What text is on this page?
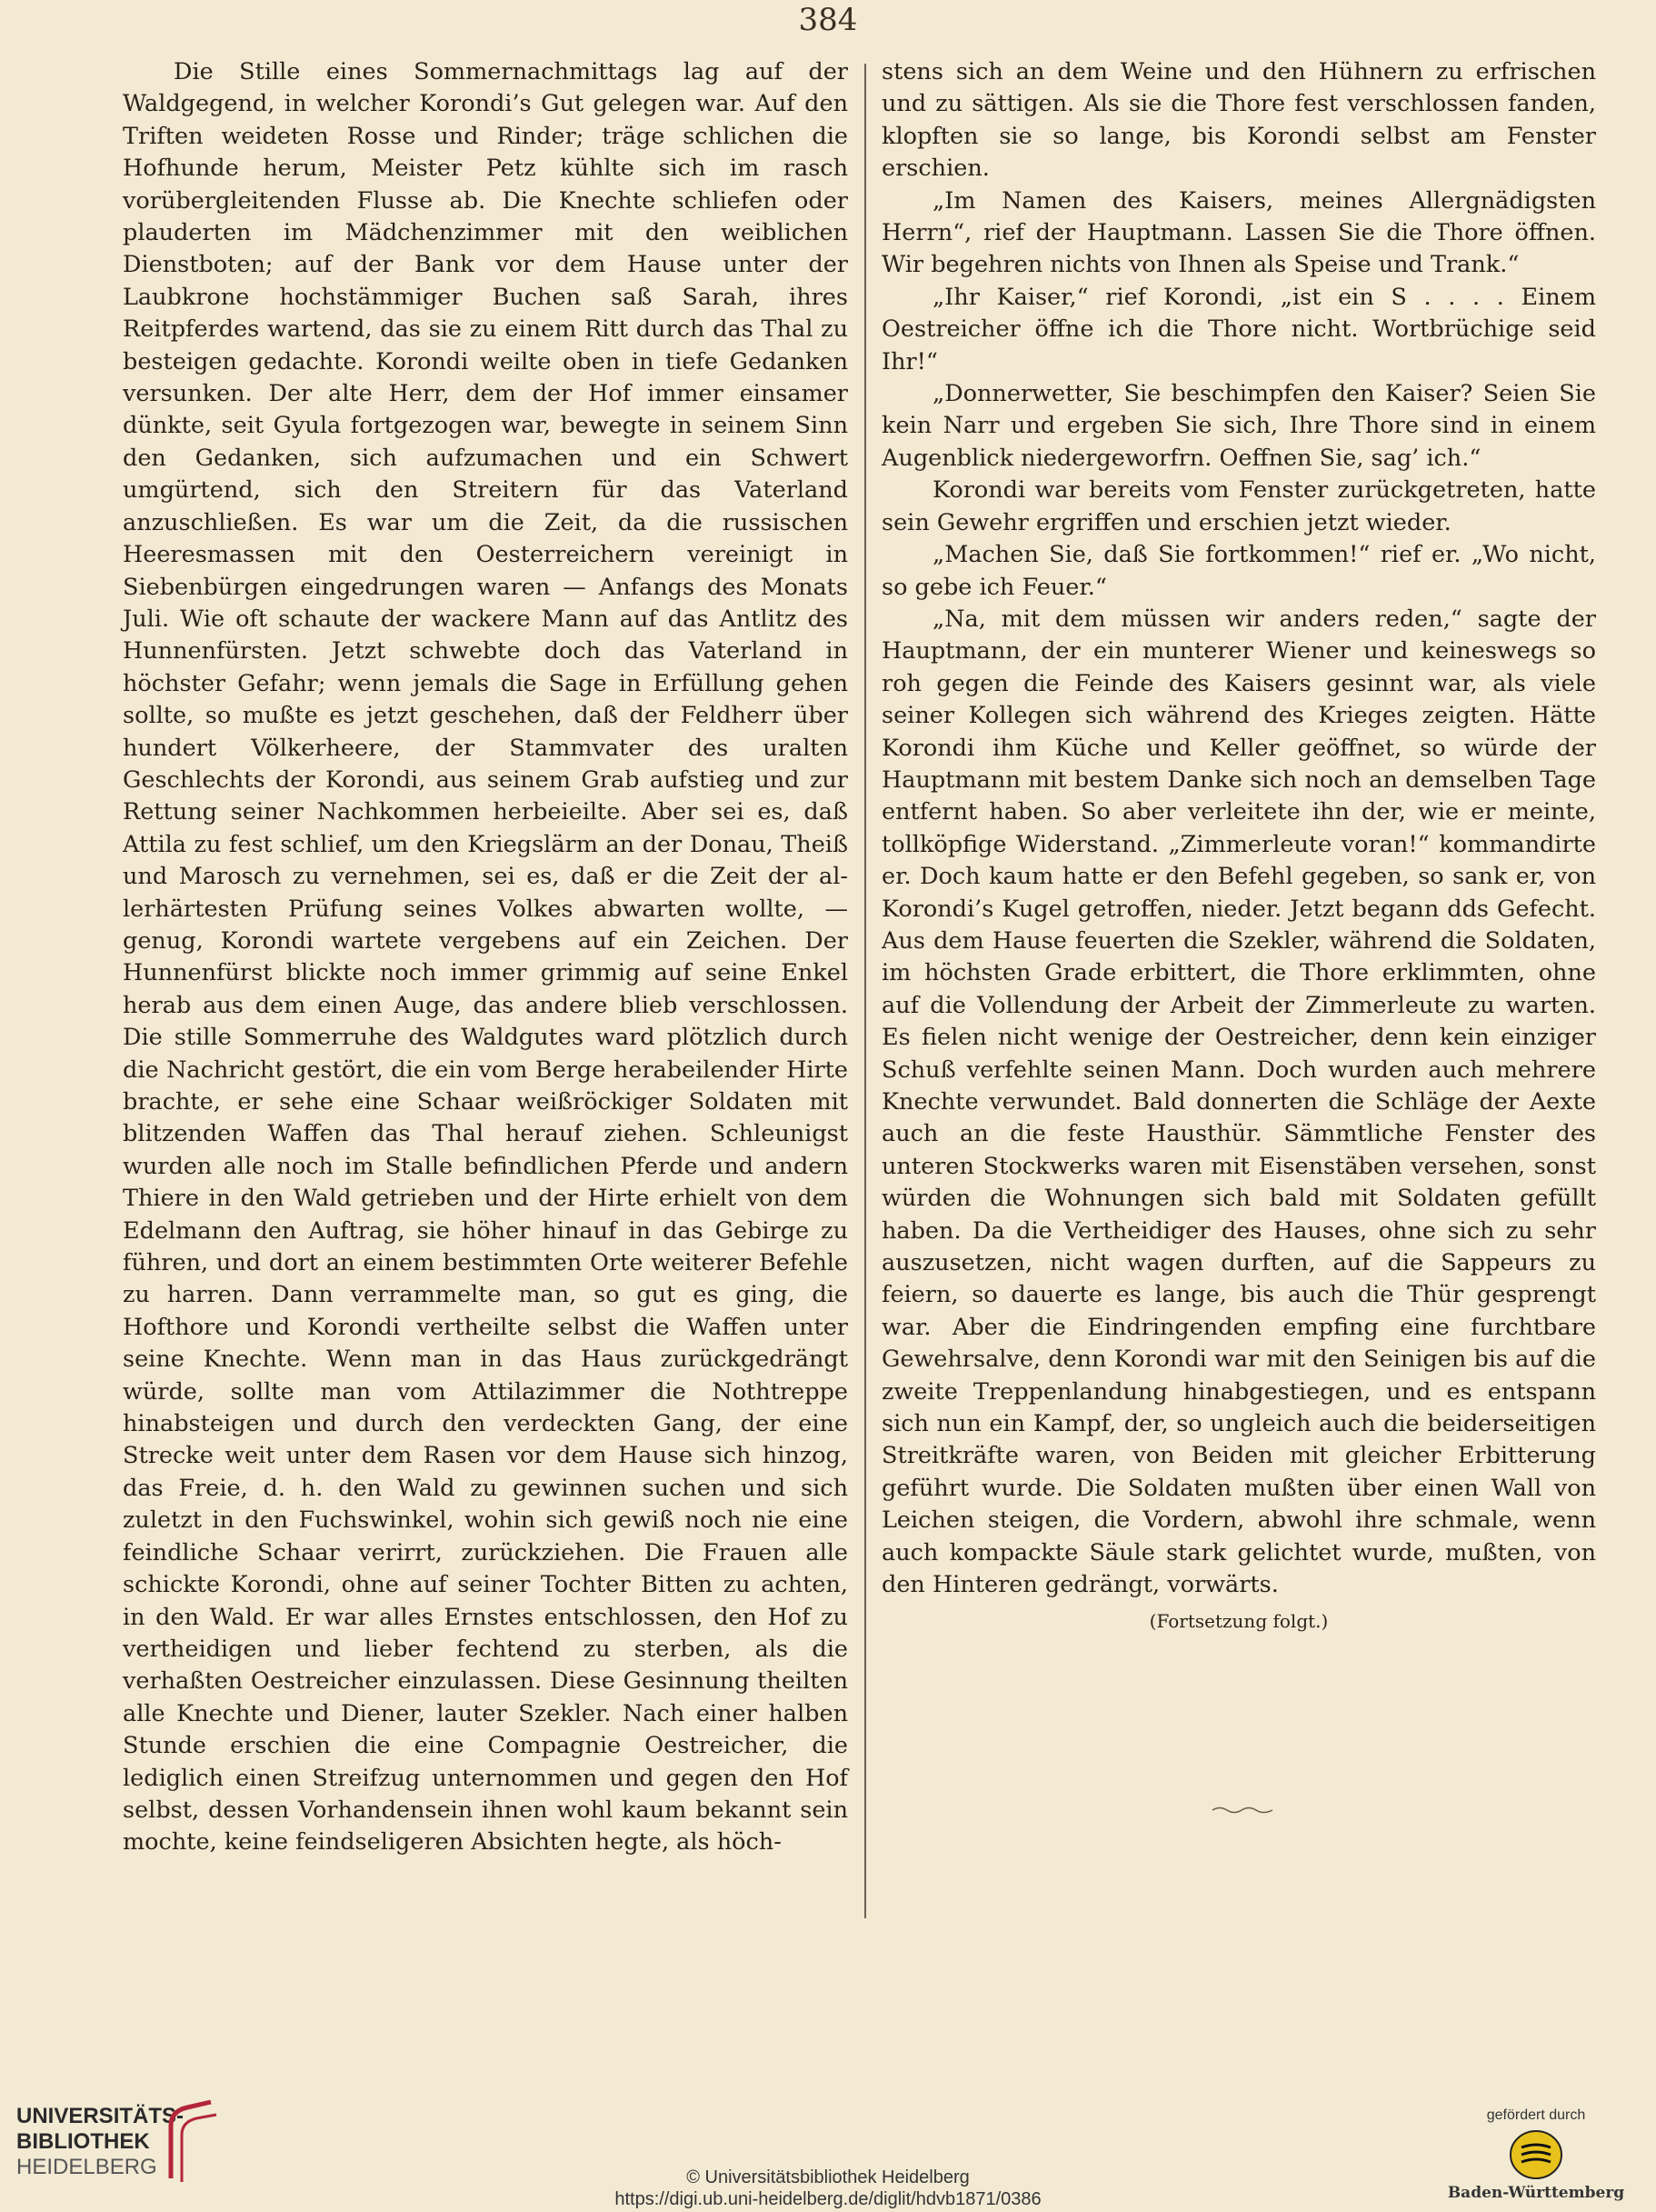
384

Die Stille eines Sommernachmittags lag auf der Waldgegend, in welcher Korondi’s Gut gelegen war. Auf den Triften weideten Rosse und Rinder; träge schlichen die Hofhunde herum, Meister Petz kühlte sich im rasch vorübergleitenden Flusse ab. Die Knechte schliefen oder plauderten im Mädchenzimmer mit den weiblichen Dienstboten; auf der Bank vor dem Hause unter der Laubkrone hochstämmiger Buchen saß Sarah, ihres Reitpferdes wartend, das sie zu einem Ritt durch das Thal zu besteigen gedachte. Korondi weilte oben in tiefe Gedanken versunken. Der alte Herr, dem der Hof immer einsamer dünkte, seit Gyula fortgezogen war, bewegte in seinem Sinn den Gedanken, sich aufzumachen und ein Schwert umgürtend, sich den Streitern für das Vaterland anzuschließen. Es war um die Zeit, da die russischen Heeresmassen mit den Oesterreichern vereinigt in Siebenbürgen eingedrungen waren — Anfangs des Monats Juli. Wie oft schaute der wackere Mann auf das Antlitz des Hunnenfürsten. Jetzt schwebte doch das Vaterland in höchster Gefahr; wenn jemals die Sage in Erfüllung gehen sollte, so mußte es jetzt geschehen, daß der Feldherr über hundert Völkerheere, der Stammvater des uralten Geschlechts der Korondi, aus seinem Grab aufstieg und zur Rettung seiner Nachkommen herbeieilte. Aber sei es, daß Attila zu fest schlief, um den Kriegslärm an der Donau, Theiß und Marosch zu vernehmen, sei es, daß er die Zeit der allerhärtesten Prüfung seines Volkes abwarten wollte, — genug, Korondi wartete vergebens auf ein Zeichen. Der Hunnenfürst blickte noch immer grimmig auf seine Enkel herab aus dem einen Auge, das andere blieb verschlossen. Die stille Sommerruhe des Waldgutes ward plötzlich durch die Nachricht gestört, die ein vom Berge herabeilender Hirte brachte, er sehe eine Schaar weißröckiger Soldaten mit blitzenden Waffen das Thal herauf ziehen. Schleunigst wurden alle noch im Stalle befindlichen Pferde und andern Thiere in den Wald getrieben und der Hirte erhielt von dem Edelmann den Auftrag, sie höher hinauf in das Gebirge zu führen, und dort an einem bestimmten Orte weiterer Befehle zu harren. Dann verrammelte man, so gut es ging, die Hofthore und Korondi vertheilte selbst die Waffen unter seine Knechte. Wenn man in das Haus zurückgedrängt würde, sollte man vom Attilazimmer die Nothtreppe hinabsteigen und durch den verdeckten Gang, der eine Strecke weit unter dem Rasen vor dem Hause sich hinzog, das Freie, d. h. den Wald zu gewinnen suchen und sich zuletzt in den Fuchswinkel, wohin sich gewiß noch nie eine feindliche Schaar verirrt, zurückziehen. Die Frauen alle schickte Korondi, ohne auf seiner Tochter Bitten zu achten, in den Wald. Er war alles Ernstes entschlossen, den Hof zu vertheidigen und lieber fechtend zu sterben, als die verhaßten Oestreicher einzulassen. Diese Gesinnung theilten alle Knechte und Diener, lauter Szekler. Nach einer halben Stunde erschien die eine Compagnie Oestreicher, die lediglich einen Streifzug unternommen und gegen den Hof selbst, dessen Vorhandensein ihnen wohl kaum bekannt sein mochte, keine feindseligeren Absichten hegte, als höch-

stens sich an dem Weine und den Hühnern zu erfrischen und zu sättigen. Als sie die Thore fest verschlossen fanden, klopften sie so lange, bis Korondi selbst am Fenster erschien.

„Im Namen des Kaisers, meines Allergnädigsten Herrn“, rief der Hauptmann. Lassen Sie die Thore öffnen. Wir begehren nichts von Ihnen als Speise und Trank.“

„Ihr Kaiser,“ rief Korondi, „ist ein S . . . . Einem Oestreicher öffne ich die Thore nicht. Wortbrüchige seid Ihr!“

„Donnerwetter, Sie beschimpfen den Kaiser? Seien Sie kein Narr und ergeben Sie sich, Ihre Thore sind in einem Augenblick niedergeworfrn. Oeffnen Sie, sag’ ich.“

Korondi war bereits vom Fenster zurückgetreten, hatte sein Gewehr ergriffen und erschien jetzt wieder.

„Machen Sie, daß Sie fortkommen!“ rief er. „Wo nicht, so gebe ich Feuer.“

„Na, mit dem müssen wir anders reden,“ sagte der Hauptmann, der ein munterer Wiener und keineswegs so roh gegen die Feinde des Kaisers gesinnt war, als viele seiner Kollegen sich während des Krieges zeigten. Hätte Korondi ihm Küche und Keller geöffnet, so würde der Hauptmann mit bestem Danke sich noch an demselben Tage entfernt haben. So aber verleitete ihn der, wie er meinte, tollköpfige Widerstand. „Zimmerleute voran!“ kommandirte er. Doch kaum hatte er den Befehl gegeben, so sank er, von Korondi’s Kugel getroffen, nieder. Jetzt begann dds Gefecht. Aus dem Hause feuerten die Szekler, während die Soldaten, im höchsten Grade erbittert, die Thore erklimmten, ohne auf die Vollendung der Arbeit der Zimmerleute zu warten. Es fielen nicht wenige der Oestreicher, denn kein einziger Schuß verfehlte seinen Mann. Doch wurden auch mehrere Knechte verwundet. Bald donnerten die Schläge der Aexte auch an die feste Hausthür. Sämmtliche Fenster des unteren Stockwerks waren mit Eisenstäben versehen, sonst würden die Wohnungen sich bald mit Soldaten gefüllt haben. Da die Vertheidiger des Hauses, ohne sich zu sehr auszusetzen, nicht wagen durften, auf die Sappeurs zu feiern, so dauerte es lange, bis auch die Thür gesprengt war. Aber die Eindringenden empfing eine furchtbare Gewehrsalve, denn Korondi war mit den Seinigen bis auf die zweite Treppenlandung hinabgestiegen, und es entspann sich nun ein Kampf, der, so ungleich auch die beiderseitigen Streitkräfte waren, von Beiden mit gleicher Erbitterung geführt wurde. Die Soldaten mußten über einen Wall von Leichen steigen, die Vordern, abwohl ihre schmale, wenn auch kompackte Säule stark gelichtet wurde, mußten, von den Hinteren gedrängt, vorwärts.

(Fortsetzung folgt.)
UNIVERSITÄTS-
BIBLIOTHEK
HEIDELBERG	© Universitätsbibliothek Heidelberg
https://digi.ub.uni-heidelberg.de/diglit/hdvb1871/0386
gefördert durch
Baden-Württemberg
